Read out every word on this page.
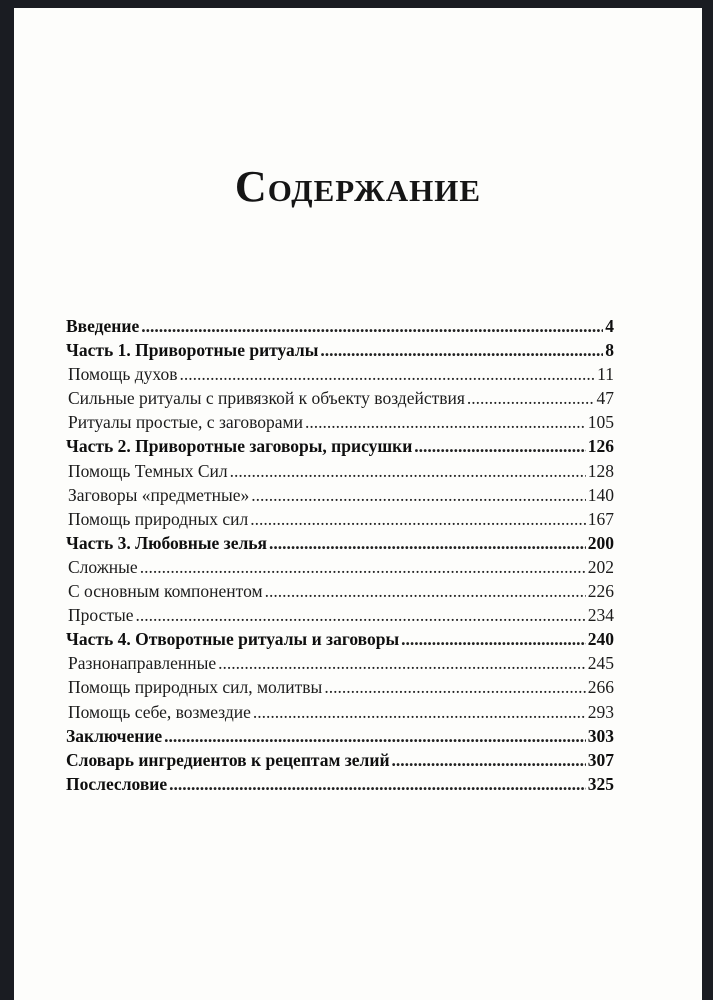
Содержание
Введение .....	4
Часть 1. Приворотные ритуалы .....	8
Помощь духов .....	11
Сильные ритуалы с привязкой к объекту воздействия .....	47
Ритуалы простые, с заговорами .....	105
Часть 2. Приворотные заговоры, присушки .....	126
Помощь Темных Сил .....	128
Заговоры «предметные» .....	140
Помощь природных сил .....	167
Часть 3. Любовные зелья .....	200
Сложные .....	202
С основным компонентом .....	226
Простые .....	234
Часть 4. Отворотные ритуалы и заговоры .....	240
Разнонаправленные .....	245
Помощь природных сил, молитвы .....	266
Помощь себе, возмездие .....	293
Заключение .....	303
Словарь ингредиентов к рецептам зелий .....	307
Послесловие .....	325
